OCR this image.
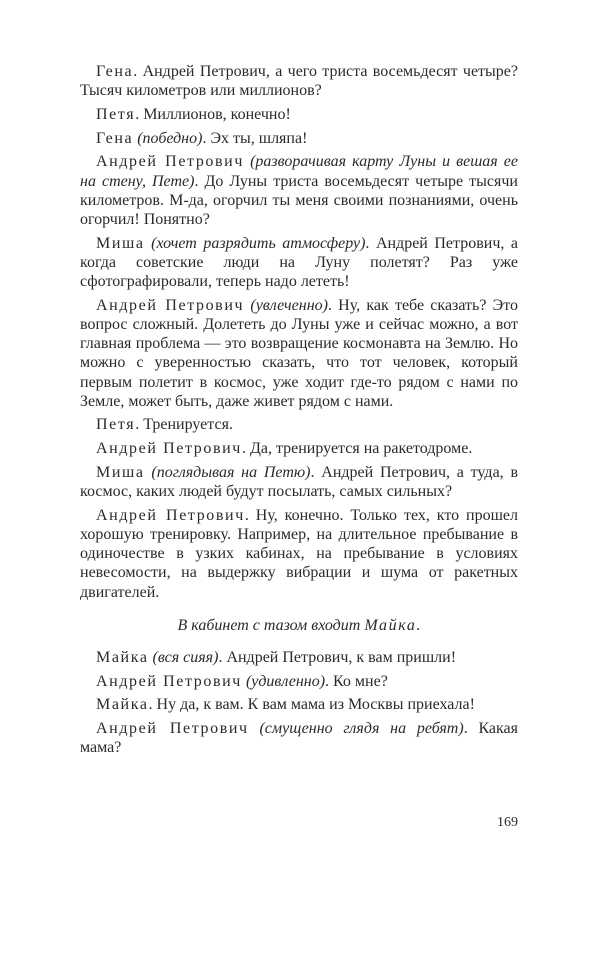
Гена. Андрей Петрович, а чего триста восемьдесят четыре? Тысяч километров или миллионов?

Петя. Миллионов, конечно!

Гена (победно). Эх ты, шляпа!

Андрей Петрович (разворачивая карту Луны и вешая ее на стену, Пете). До Луны триста восемьдесят четыре тысячи километров. М-да, огорчил ты меня своими познаниями, очень огорчил! Понятно?

Миша (хочет разрядить атмосферу). Андрей Петрович, а когда советские люди на Луну полетят? Раз уже сфотографировали, теперь надо лететь!

Андрей Петрович (увлеченно). Ну, как тебе сказать? Это вопрос сложный. Долететь до Луны уже и сейчас можно, а вот главная проблема — это возвращение космонавта на Землю. Но можно с уверенностью сказать, что тот человек, который первым полетит в космос, уже ходит где-то рядом с нами по Земле, может быть, даже живет рядом с нами.

Петя. Тренируется.

Андрей Петрович. Да, тренируется на ракетодроме.

Миша (поглядывая на Петю). Андрей Петрович, а туда, в космос, каких людей будут посылать, самых сильных?

Андрей Петрович. Ну, конечно. Только тех, кто прошел хорошую тренировку. Например, на длительное пребывание в одиночестве в узких кабинах, на пребывание в условиях невесомости, на выдержку вибрации и шума от ракетных двигателей.

В кабинет с тазом входит Майка.

Майка (вся сияя). Андрей Петрович, к вам пришли!

Андрей Петрович (удивленно). Ко мне?

Майка. Ну да, к вам. К вам мама из Москвы приехала!

Андрей Петрович (смущенно глядя на ребят). Какая мама?

169
